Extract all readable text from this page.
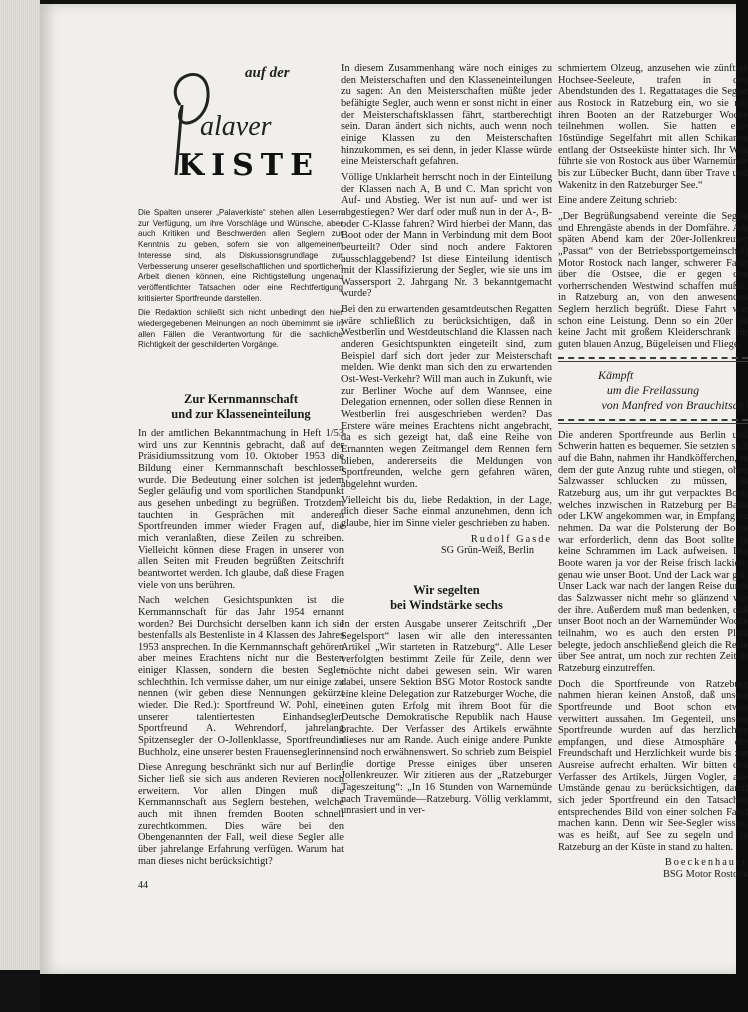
auf der
alaver
KISTE

Die Spalten unserer „Palaverkiste“ stehen allen Lesern zur Verfügung, um ihre Vorschläge und Wünsche, aber auch Kritiken und Beschwerden allen Seglern zur Kenntnis zu geben, sofern sie von allgemeinem Interesse sind, als Diskussionsgrundlage zur Verbesserung unserer gesellschaftlichen und sportlichen Arbeit dienen können, eine Richtigstellung ungenau veröffentlichter Tatsachen oder eine Rechtfertigung kritisierter Sportfreunde darstellen.

Die Redaktion schließt sich nicht unbedingt den hier wiedergegebenen Meinungen an noch übernimmt sie in allen Fällen die Verantwortung für die sachliche Richtigkeit der geschilderten Vorgänge.

Zur Kernmannschaft
und zur Klasseneinteilung

In der amtlichen Bekanntmachung in Heft 1/53 wird uns zur Kenntnis gebracht, daß auf der Präsidiumssitzung vom 10. Oktober 1953 die Bildung einer Kernmannschaft beschlossen wurde. Die Bedeutung einer solchen ist jedem Segler geläufig und vom sportlichen Standpunkt aus gesehen unbedingt zu begrüßen. Trotzdem tauchten in Gesprächen mit anderen Sportfreunden immer wieder Fragen auf, die mich veranlaßten, diese Zeilen zu schreiben. Vielleicht können diese Fragen in unserer von allen Seiten mit Freuden begrüßten Zeitschrift beantwortet werden. Ich glaube, daß diese Fragen viele von uns berühren.

Nach welchen Gesichtspunkten ist die Kernmannschaft für das Jahr 1954 ernannt worden? Bei Durchsicht derselben kann ich sie bestenfalls als Bestenliste in 4 Klassen des Jahres 1953 ansprechen. In die Kernmannschaft gehören aber meines Erachtens nicht nur die Besten einiger Klassen, sondern die besten Segler schlechthin. Ich vermisse daher, um nur einige zu nennen (wir geben diese Nennungen gekürzt wieder. Die Red.): Sportfreund W. Pohl, einer unserer talentiertesten Einhandsegler, Sportfreund A. Wehrendorf, jahrelang Spitzensegler der O-Jollenklasse, Sportfreundin Buchholz, eine unserer besten Frauenseglerinnen.

Diese Anregung beschränkt sich nur auf Berlin. Sicher ließ sie sich aus anderen Revieren noch erweitern. Vor allen Dingen muß die Kernmannschaft aus Seglern bestehen, welche auch mit ihnen fremden Booten schnell zurechtkommen. Dies wäre bei den Obengenannten der Fall, weil diese Segler alle über jahrelange Erfahrung verfügen. Warum hat man dieses nicht berücksichtigt?

44

In diesem Zusammenhang wäre noch einiges zu den Meisterschaften und den Klasseneinteilungen zu sagen: An den Meisterschaften müßte jeder befähigte Segler, auch wenn er sonst nicht in einer der Meisterschaftsklassen fährt, startberechtigt sein. Daran ändert sich nichts, auch wenn noch einige Klassen zu den Meisterschaften hinzukommen, es sei denn, in jeder Klasse würde eine Meisterschaft gefahren.

Völlige Unklarheit herrscht noch in der Einteilung der Klassen nach A, B und C. Man spricht von Auf- und Abstieg. Wer ist nun auf- und wer ist abgestiegen? Wer darf oder muß nun in der A-, B- oder C-Klasse fahren? Wird hierbei der Mann, das Boot oder der Mann in Verbindung mit dem Boot beurteilt? Oder sind noch andere Faktoren ausschlaggebend? Ist diese Einteilung identisch mit der Klassifizierung der Segler, wie sie uns im Wassersport 2. Jahrgang Nr. 3 bekanntgemacht wurde?

Bei den zu erwartenden gesamtdeutschen Regatten wäre schließlich zu berücksichtigen, daß in Westberlin und Westdeutschland die Klassen nach anderen Gesichtspunkten eingeteilt sind, zum Beispiel darf sich dort jeder zur Meisterschaft melden. Wie denkt man sich den zu erwartenden Ost-West-Verkehr? Will man auch in Zukunft, wie zur Berliner Woche auf dem Wannsee, eine Delegation ernennen, oder sollen diese Rennen in Westberlin frei ausgeschrieben werden? Das Erstere wäre meines Erachtens nicht angebracht, da es sich gezeigt hat, daß eine Reihe von Ernannten wegen Zeitmangel dem Rennen fern blieben, andererseits die Meldungen von Sportfreunden, welche gern gefahren wären, abgelehnt wurden.

Vielleicht bis du, liebe Redaktion, in der Lage, dich dieser Sache einmal anzunehmen, denn ich glaube, hier im Sinne vieler geschrieben zu haben.

Rudolf Gasde
SG Grün-Weiß, Berlin
Wir segelten
bei Windstärke sechs

In der ersten Ausgabe unserer Zeitschrift „Der Segelsport“ lasen wir alle den interessanten Artikel „Wir starteten in Ratzeburg“. Alle Leser verfolgten bestimmt Zeile für Zeile, denn wer möchte nicht dabei gewesen sein. Wir waren dabei, unsere Sektion BSG Motor Rostock sandte eine kleine Delegation zur Ratzeburger Woche, die einen guten Erfolg mit ihrem Boot für die Deutsche Demokratische Republik nach Hause brachte. Der Verfasser des Artikels erwähnte dieses nur am Rande. Auch einige andere Punkte sind noch erwähnenswert. So schrieb zum Beispiel die dortige Presse einiges über unseren Jollenkreuzer. Wir zitieren aus der „Ratzeburger Tageszeitung“: „In 16 Stunden von Warnemünde nach Travemünde—Ratzeburg. Völlig verklammt, unrasiert und in ver-

schmiertem Olzeug, anzusehen wie zünftige Hochsee-Seeleute, trafen in den Abendstunden des 1. Regattatages die Segler aus Rostock in Ratzeburg ein, wo sie mit ihren Booten an der Ratzeburger Woche teilnehmen wollen. Sie hatten eine 16stündige Segelfahrt mit allen Schikanen entlang der Ostseeküste hinter sich. Ihr Weg führte sie von Rostock aus über Warnemünde bis zur Lübecker Bucht, dann über Trave und Wakenitz in den Ratzeburger See.“

Eine andere Zeitung schrieb:

„Der Begrüßungsabend vereinte die Segler und Ehrengäste abends in der Domfähre. Am späten Abend kam der 20er-Jollenkreuzer „Passat“ von der Betriebssportgemeinschaft Motor Rostock nach langer, schwerer Fahrt über die Ostsee, die er gegen den vorherrschenden Westwind schaffen mußte, in Ratzeburg an, von den anwesenden Seglern herzlich begrüßt. Diese Fahrt war schon eine Leistung. Denn so ein 20er ist keine Jacht mit großem Kleiderschrank für guten blauen Anzug, Bügeleisen und Fliege.

Kämpft
um die Freilassung
von Manfred von Brauchitsch!

Die anderen Sportfreunde aus Berlin und Schwerin hatten es bequemer. Sie setzten sich auf die Bahn, nahmen ihr Handköfferchen, in dem der gute Anzug ruhte und stiegen, ohne Salzwasser schlucken zu müssen, in Ratzeburg aus, um ihr gut verpacktes Boot, welches inzwischen in Ratzeburg per Bahn oder LKW angekommen war, in Empfang zu nehmen. Da war die Polsterung der Boote war erforderlich, denn das Boot sollte ja keine Schrammen im Lack aufweisen. Die Boote waren ja vor der Reise frisch lackiert, genau wie unser Boot. Und der Lack war gut. Unser Lack war nach der langen Reise durch das Salzwasser nicht mehr so glänzend wie der ihre. Außerdem muß man bedenken, daß unser Boot noch an der Warnemünder Woche teilnahm, wo es auch den ersten Platz belegte, jedoch anschließend gleich die Reise über See antrat, um noch zur rechten Zeit in Ratzeburg einzutreffen.

Doch die Sportfreunde von Ratzeburg nahmen hieran keinen Anstoß, daß unsere Sportfreunde und Boot schon etwas verwittert aussahen. Im Gegenteil, unsere Sportfreunde wurden auf das herzlichste empfangen, und diese Atmosphäre der Freundschaft und Herzlichkeit wurde bis zur Ausreise aufrecht erhalten. Wir bitten den Verfasser des Artikels, Jürgen Vogler, alle Umstände genau zu berücksichtigen, damit sich jeder Sportfreund ein den Tatsachen entsprechendes Bild von einer solchen Fahrt machen kann. Denn wir See-Segler wissen, was es heißt, auf See zu segeln und in Ratzeburg an der Küste in stand zu halten.

Boeckenhauer
BSG Motor Rostock
